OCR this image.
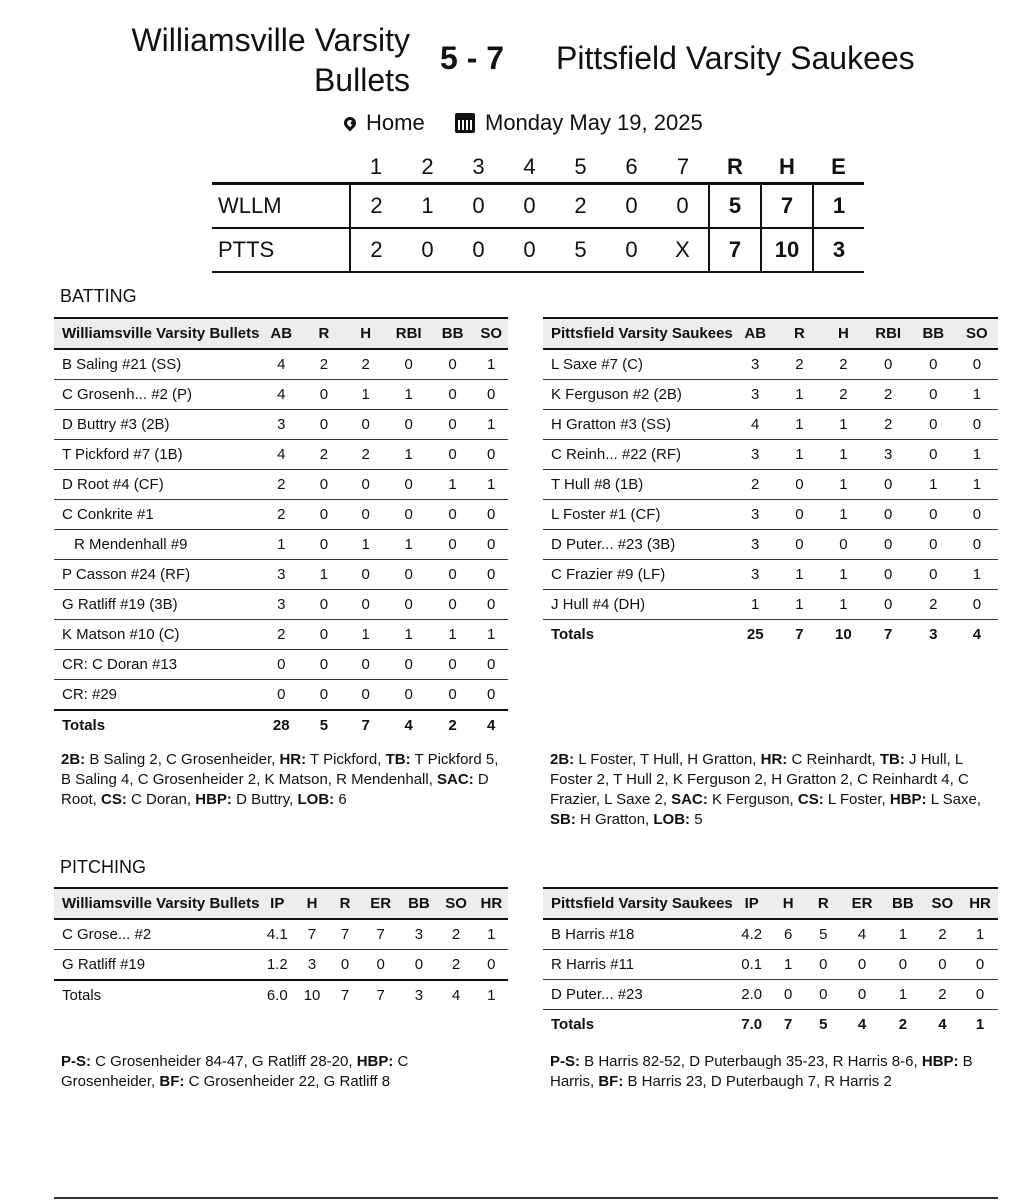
Williamsville Varsity Bullets
5 - 7 Pittsfield Varsity Saukees
Home	Monday May 19, 2025
	1	2	3	4	5	6	7	R	H	E
WLLM	2	1	0	0	2	0	0	5	7	1
PTTS	2	0	0	0	5	0	X	7	10	3
BATTING
Williamsville Varsity Bullets	AB	R	H	RBI	BB	SO
B Saling #21 (SS)	4	2	2	0	0	1
C Grosenh... #2 (P)	4	0	1	1	0	0
D Buttry #3 (2B)	3	0	0	0	0	1
T Pickford #7 (1B)	4	2	2	1	0	0
D Root #4 (CF)	2	0	0	0	1	1
C Conkrite #1	2	0	0	0	0	0
R Mendenhall #9	1	0	1	1	0	0
P Casson #24 (RF)	3	1	0	0	0	0
G Ratliff #19 (3B)	3	0	0	0	0	0
K Matson #10 (C)	2	0	1	1	1	1
CR: C Doran #13	0	0	0	0	0	0
CR: #29	0	0	0	0	0	0
Totals	28	5	7	4	2	4
Pittsfield Varsity Saukees	AB	R	H	RBI	BB	SO
L Saxe #7 (C)	3	2	2	0	0	0
K Ferguson #2 (2B)	3	1	2	2	0	1
H Gratton #3 (SS)	4	1	1	2	0	0
C Reinh... #22 (RF)	3	1	1	3	0	1
T Hull #8 (1B)	2	0	1	0	1	1
L Foster #1 (CF)	3	0	1	0	0	0
D Puter... #23 (3B)	3	0	0	0	0	0
C Frazier #9 (LF)	3	1	1	0	0	1
J Hull #4 (DH)	1	1	1	0	2	0
Totals	25	7	10	7	3	4
2B: B Saling 2, C Grosenheider, HR: T Pickford, TB: T Pickford 5, B Saling 4, C Grosenheider 2, K Matson, R Mendenhall, SAC: D Root, CS: C Doran, HBP: D Buttry, LOB: 6
2B: L Foster, T Hull, H Gratton, HR: C Reinhardt, TB: J Hull, L Foster 2, T Hull 2, K Ferguson 2, H Gratton 2, C Reinhardt 4, C Frazier, L Saxe 2, SAC: K Ferguson, CS: L Foster, HBP: L Saxe, SB: H Gratton, LOB: 5
PITCHING
Williamsville Varsity Bullets	IP	H	R	ER	BB	SO	HR
C Grose... #2	4.1	7	7	7	3	2	1
G Ratliff #19	1.2	3	0	0	0	2	0
Totals	6.0	10	7	7	3	4	1
Pittsfield Varsity Saukees	IP	H	R	ER	BB	SO	HR
B Harris #18	4.2	6	5	4	1	2	1
R Harris #11	0.1	1	0	0	0	0	0
D Puter... #23	2.0	0	0	0	1	2	0
Totals	7.0	7	5	4	2	4	1
P-S: C Grosenheider 84-47, G Ratliff 28-20, HBP: C Grosenheider, BF: C Grosenheider 22, G Ratliff 8
P-S: B Harris 82-52, D Puterbaugh 35-23, R Harris 8-6, HBP: B Harris, BF: B Harris 23, D Puterbaugh 7, R Harris 2
